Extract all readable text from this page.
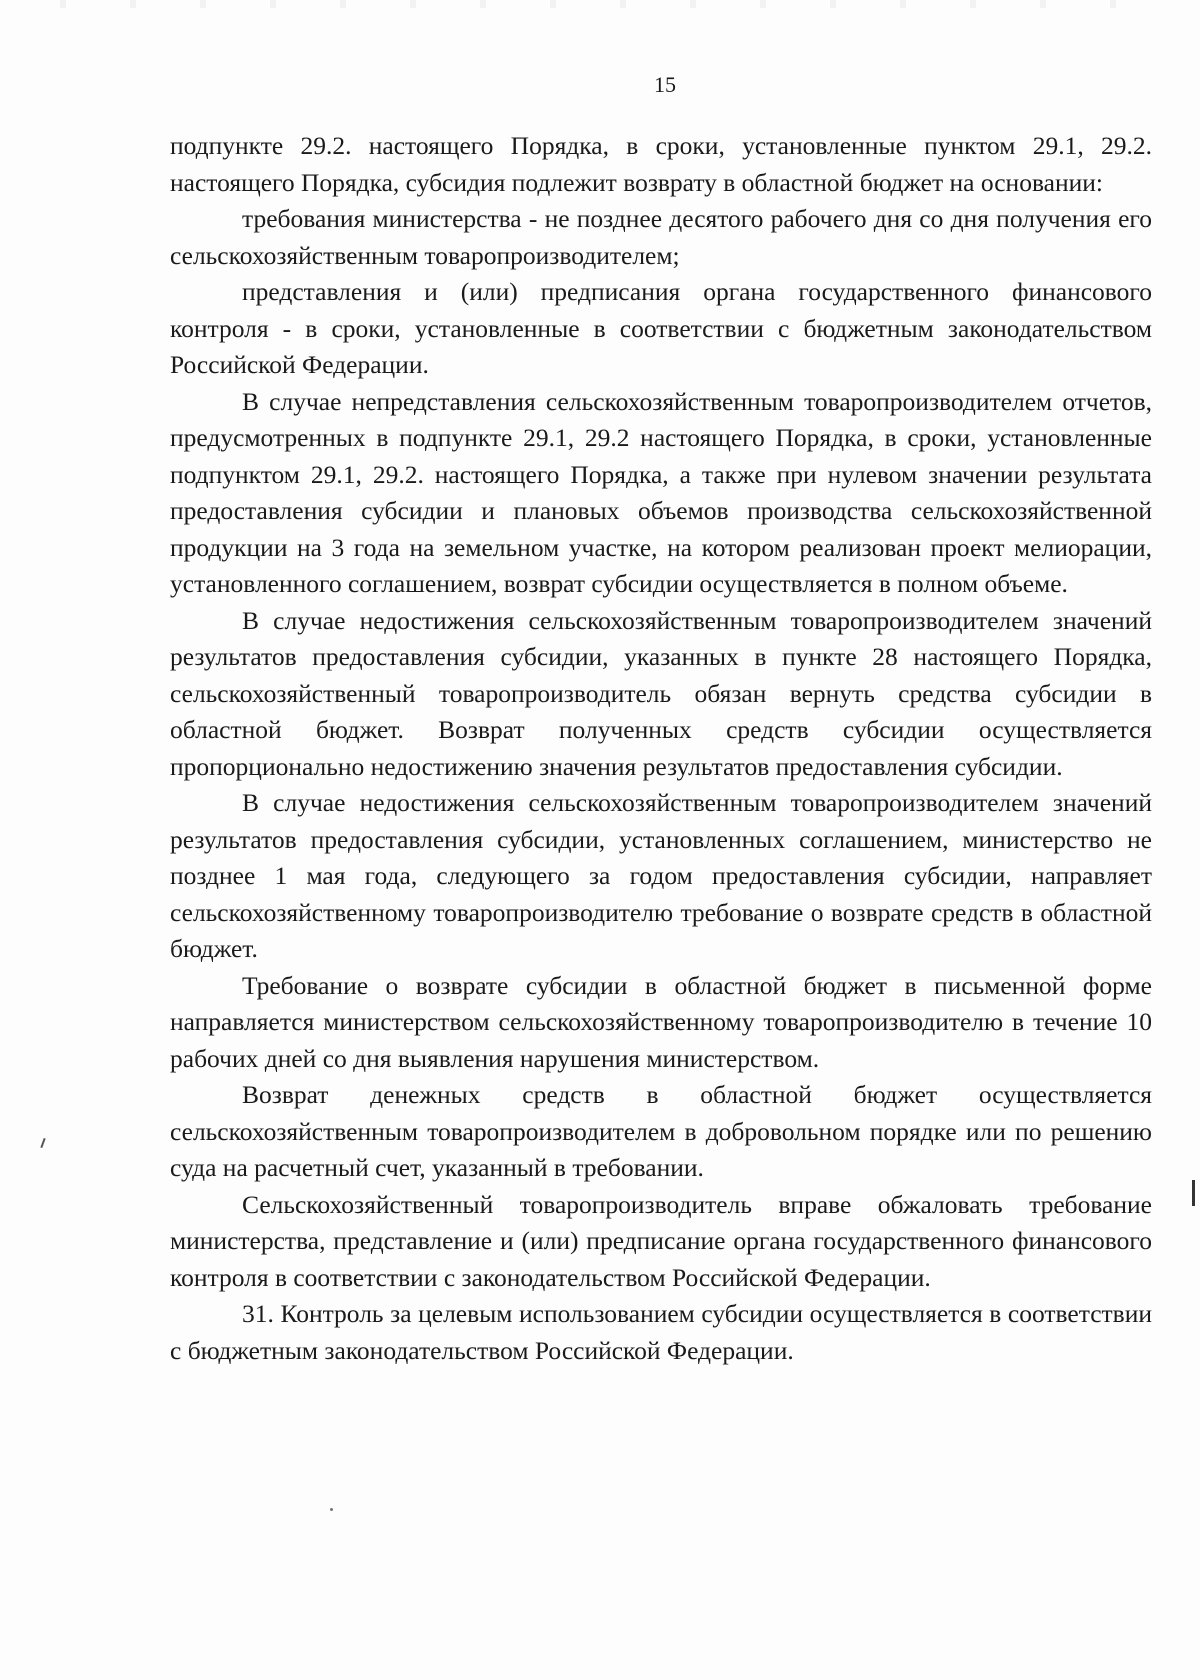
15

подпункте 29.2. настоящего Порядка, в сроки, установленные пунктом 29.1, 29.2. настоящего Порядка, субсидия подлежит возврату в областной бюджет на основании:

требования министерства - не позднее десятого рабочего дня со дня получения его сельскохозяйственным товаропроизводителем;

представления и (или) предписания органа государственного финансового контроля - в сроки, установленные в соответствии с бюджетным законодательством Российской Федерации.

В случае непредставления сельскохозяйственным товаропроизводителем отчетов, предусмотренных в подпункте 29.1, 29.2 настоящего Порядка, в сроки, установленные подпунктом 29.1, 29.2. настоящего Порядка, а также при нулевом значении результата предоставления субсидии и плановых объемов производства сельскохозяйственной продукции на 3 года на земельном участке, на котором реализован проект мелиорации, установленного соглашением, возврат субсидии осуществляется в полном объеме.

В случае недостижения сельскохозяйственным товаропроизводителем значений результатов предоставления субсидии, указанных в пункте 28 настоящего Порядка, сельскохозяйственный товаропроизводитель обязан вернуть средства субсидии в областной бюджет. Возврат полученных средств субсидии осуществляется пропорционально недостижению значения результатов предоставления субсидии.

В случае недостижения сельскохозяйственным товаропроизводителем значений результатов предоставления субсидии, установленных соглашением, министерство не позднее 1 мая года, следующего за годом предоставления субсидии, направляет сельскохозяйственному товаропроизводителю требование о возврате средств в областной бюджет.

Требование о возврате субсидии в областной бюджет в письменной форме направляется министерством сельскохозяйственному товаропроизводителю в течение 10 рабочих дней со дня выявления нарушения министерством.

Возврат денежных средств в областной бюджет осуществляется сельскохозяйственным товаропроизводителем в добровольном порядке или по решению суда на расчетный счет, указанный в требовании.

Сельскохозяйственный товаропроизводитель вправе обжаловать требование министерства, представление и (или) предписание органа государственного финансового контроля в соответствии с законодательством Российской Федерации.

31. Контроль за целевым использованием субсидии осуществляется в соответствии с бюджетным законодательством Российской Федерации.
